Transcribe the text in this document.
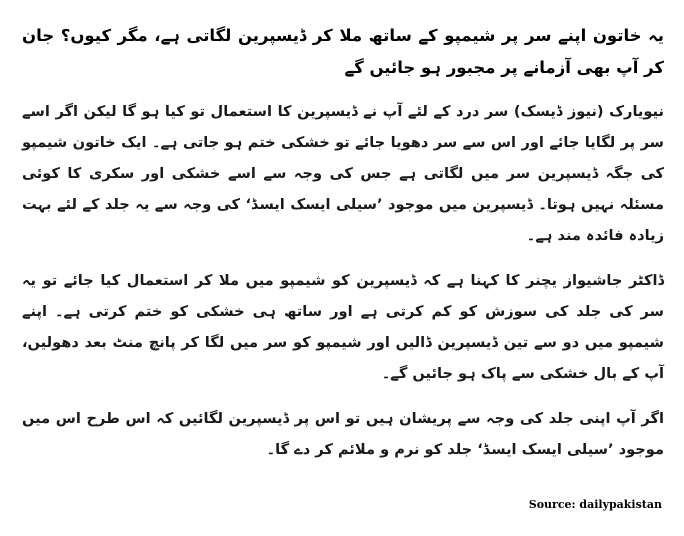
یہ خاتون اپنے سر پر شیمپو کے ساتھ ملا کر ڈیسپرین لگاتی ہے، مگر کیوں؟ جان کر آپ بھی آزمانے پر مجبور ہو جائیں گے

نیویارک (نیوز ڈیسک) سر درد کے لئے آپ نے ڈیسپرین کا استعمال تو کیا ہو گا لیکن اگر اسے سر پر لگایا جائے اور اس سے سر دھویا جائے تو خشکی ختم ہو جاتی ہے۔ ایک خاتون شیمپو کی جگہ ڈیسپرین سر میں لگاتی ہے جس کی وجہ سے اسے خشکی اور سکری کا کوئی مسئلہ نہیں ہوتا۔ ڈیسپرین میں موجود ’سیلی ایسک ایسڈ‘ کی وجہ سے یہ جلد کے لئے بہت زیادہ فائدہ مند ہے۔

ڈاکٹر جاشیواز یچنر کا کہنا ہے کہ ڈیسپرین کو شیمپو میں ملا کر استعمال کیا جائے تو یہ سر کی جلد کی سوزش کو کم کرتی ہے اور ساتھ ہی خشکی کو ختم کرتی ہے۔ اپنے شیمپو میں دو سے تین ڈیسپرین ڈالیں اور شیمپو کو سر میں لگا کر پانچ منٹ بعد دھولیں، آپ کے بال خشکی سے پاک ہو جائیں گے۔

اگر آپ اپنی جلد کی وجہ سے پریشان ہیں تو اس پر ڈیسپرین لگائیں کہ اس طرح اس میں موجود ’سیلی ایسک ایسڈ‘ جلد کو نرم و ملائم کر دے گا۔

Source: dailypakistan
